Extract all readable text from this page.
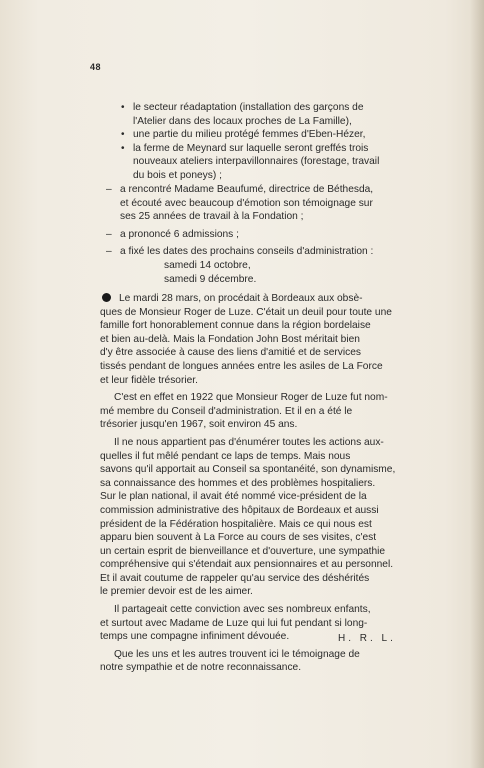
48
• le secteur réadaptation (installation des garçons de
l'Atelier dans des locaux proches de La Famille),
• une partie du milieu protégé femmes d'Eben-Hézer,
• la ferme de Meynard sur laquelle seront greffés trois
nouveaux ateliers interpavillonnaires (forestage, travail
du bois et poneys) ;
– a rencontré Madame Beaufumé, directrice de Béthesda,
et écouté avec beaucoup d'émotion son témoignage sur
ses 25 années de travail à la Fondation ;
– a prononcé 6 admissions ;
– a fixé les dates des prochains conseils d'administration :
samedi 14 octobre,
samedi 9 décembre.
Le mardi 28 mars, on procédait à Bordeaux aux obsè-
ques de Monsieur Roger de Luze. C'était un deuil pour toute une
famille fort honorablement connue dans la région bordelaise
et bien au-delà. Mais la Fondation John Bost méritait bien
d'y être associée à cause des liens d'amitié et de services
tissés pendant de longues années entre les asiles de La Force
et leur fidèle trésorier.
C'est en effet en 1922 que Monsieur Roger de Luze fut nom-
mé membre du Conseil d'administration. Et il en a été le
trésorier jusqu'en 1967, soit environ 45 ans.
Il ne nous appartient pas d'énumérer toutes les actions aux-
quelles il fut mêlé pendant ce laps de temps. Mais nous
savons qu'il apportait au Conseil sa spontanéité, son dynamisme,
sa connaissance des hommes et des problèmes hospitaliers.
Sur le plan national, il avait été nommé vice-président de la
commission administrative des hôpitaux de Bordeaux et aussi
président de la Fédération hospitalière. Mais ce qui nous est
apparu bien souvent à La Force au cours de ses visites, c'est
un certain esprit de bienveillance et d'ouverture, une sympathie
compréhensive qui s'étendait aux pensionnaires et au personnel.
Et il avait coutume de rappeler qu'au service des déshérités
le premier devoir est de les aimer.
Il partageait cette conviction avec ses nombreux enfants,
et surtout avec Madame de Luze qui lui fut pendant si long-
temps une compagne infiniment dévouée.
Que les uns et les autres trouvent ici le témoignage de
notre sympathie et de notre reconnaissance.
H. R. L.
